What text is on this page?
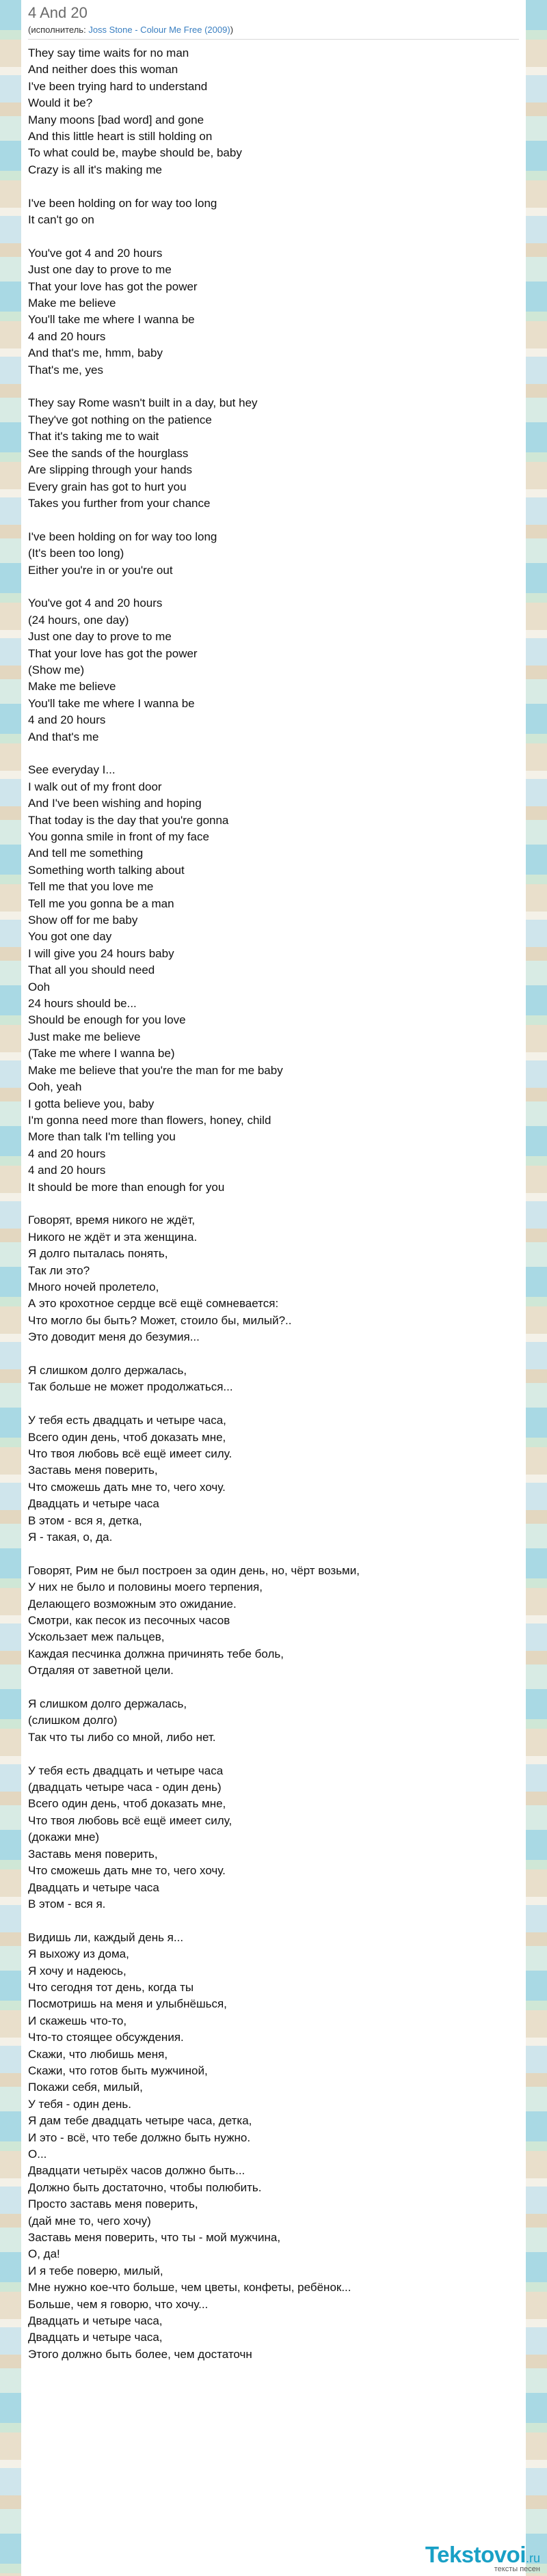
4 And 20
(исполнитель: Joss Stone - Colour Me Free (2009))
They say time waits for no man
And neither does this woman
I've been trying hard to understand
Would it be?
Many moons [bad word] and gone
And this little heart is still holding on
To what could be, maybe should be, baby
Crazy is all it's making me
I've been holding on for way too long
It can't go on
You've got 4 and 20 hours
Just one day to prove to me
That your love has got the power
Make me believe
You'll take me where I wanna be
4 and 20 hours
And that's me, hmm, baby
That's me, yes
They say Rome wasn't built in a day, but hey
They've got nothing on the patience
That it's taking me to wait
See the sands of the hourglass
Are slipping through your hands
Every grain has got to hurt you
Takes you further from your chance
I've been holding on for way too long
(It's been too long)
Either you're in or you're out
You've got 4 and 20 hours
(24 hours, one day)
Just one day to prove to me
That your love has got the power
(Show me)
Make me believe
You'll take me where I wanna be
4 and 20 hours
And that's me
See everyday I...
I walk out of my front door
And I've been wishing and hoping
That today is the day that you're gonna
You gonna smile in front of my face
And tell me something
Something worth talking about
Tell me that you love me
Tell me you gonna be a man
Show off for me baby
You got one day
I will give you 24 hours baby
That all you should need
Ooh
24 hours should be...
Should be enough for you love
Just make me believe
(Take me where I wanna be)
Make me believe that you're the man for me baby
Ooh, yeah
I gotta believe you, baby
I'm gonna need more than flowers, honey, child
More than talk I'm telling you
4 and 20 hours
4 and 20 hours
It should be more than enough for you
Говорят, время никого не ждёт,
Никого не ждёт и эта женщина.
Я долго пыталась понять,
Так ли это?
Много ночей пролетело,
А это крохотное сердце всё ещё сомневается:
Что могло бы быть? Может, стоило бы, милый?..
Это доводит меня до безумия...
Я слишком долго держалась,
Так больше не может продолжаться...
У тебя есть двадцать и четыре часа,
Всего один день, чтоб доказать мне,
Что твоя любовь всё ещё имеет силу.
Заставь меня поверить,
Что сможешь дать мне то, чего хочу.
Двадцать и четыре часа
В этом - вся я, детка,
Я - такая, о, да.
Говорят, Рим не был построен за один день, но, чёрт возьми,
У них не было и половины моего терпения,
Делающего возможным это ожидание.
Смотри, как песок из песочных часов
Ускользает меж пальцев,
Каждая песчинка должна причинять тебе боль,
Отдаляя от заветной цели.
Я слишком долго держалась,
(слишком долго)
Так что ты либо со мной, либо нет.
У тебя есть двадцать и четыре часа
(двадцать четыре часа - один день)
Всего один день, чтоб доказать мне,
Что твоя любовь всё ещё имеет силу,
(докажи мне)
Заставь меня поверить,
Что сможешь дать мне то, чего хочу.
Двадцать и четыре часа
В этом - вся я.
Видишь ли, каждый день я...
Я выхожу из дома,
Я хочу и надеюсь,
Что сегодня тот день, когда ты
Посмотришь на меня и улыбнёшься,
И скажешь что-то,
Что-то стоящее обсуждения.
Скажи, что любишь меня,
Скажи, что готов быть мужчиной,
Покажи себя, милый,
У тебя - один день.
Я дам тебе двадцать четыре часа, детка,
И это - всё, что тебе должно быть нужно.
О...
Двадцати четырёх часов должно быть...
Должно быть достаточно, чтобы полюбить.
Просто заставь меня поверить,
(дай мне то, чего хочу)
Заставь меня поверить, что ты - мой мужчина,
О, да!
И я тебе поверю, милый,
Мне нужно кое-что больше, чем цветы, конфеты, ребёнок...
Больше, чем я говорю, что хочу...
Двадцать и четыре часа,
Двадцать и четыре часа,
Этого должно быть более, чем достаточн
Tekstovoi.ru
тексты песен
